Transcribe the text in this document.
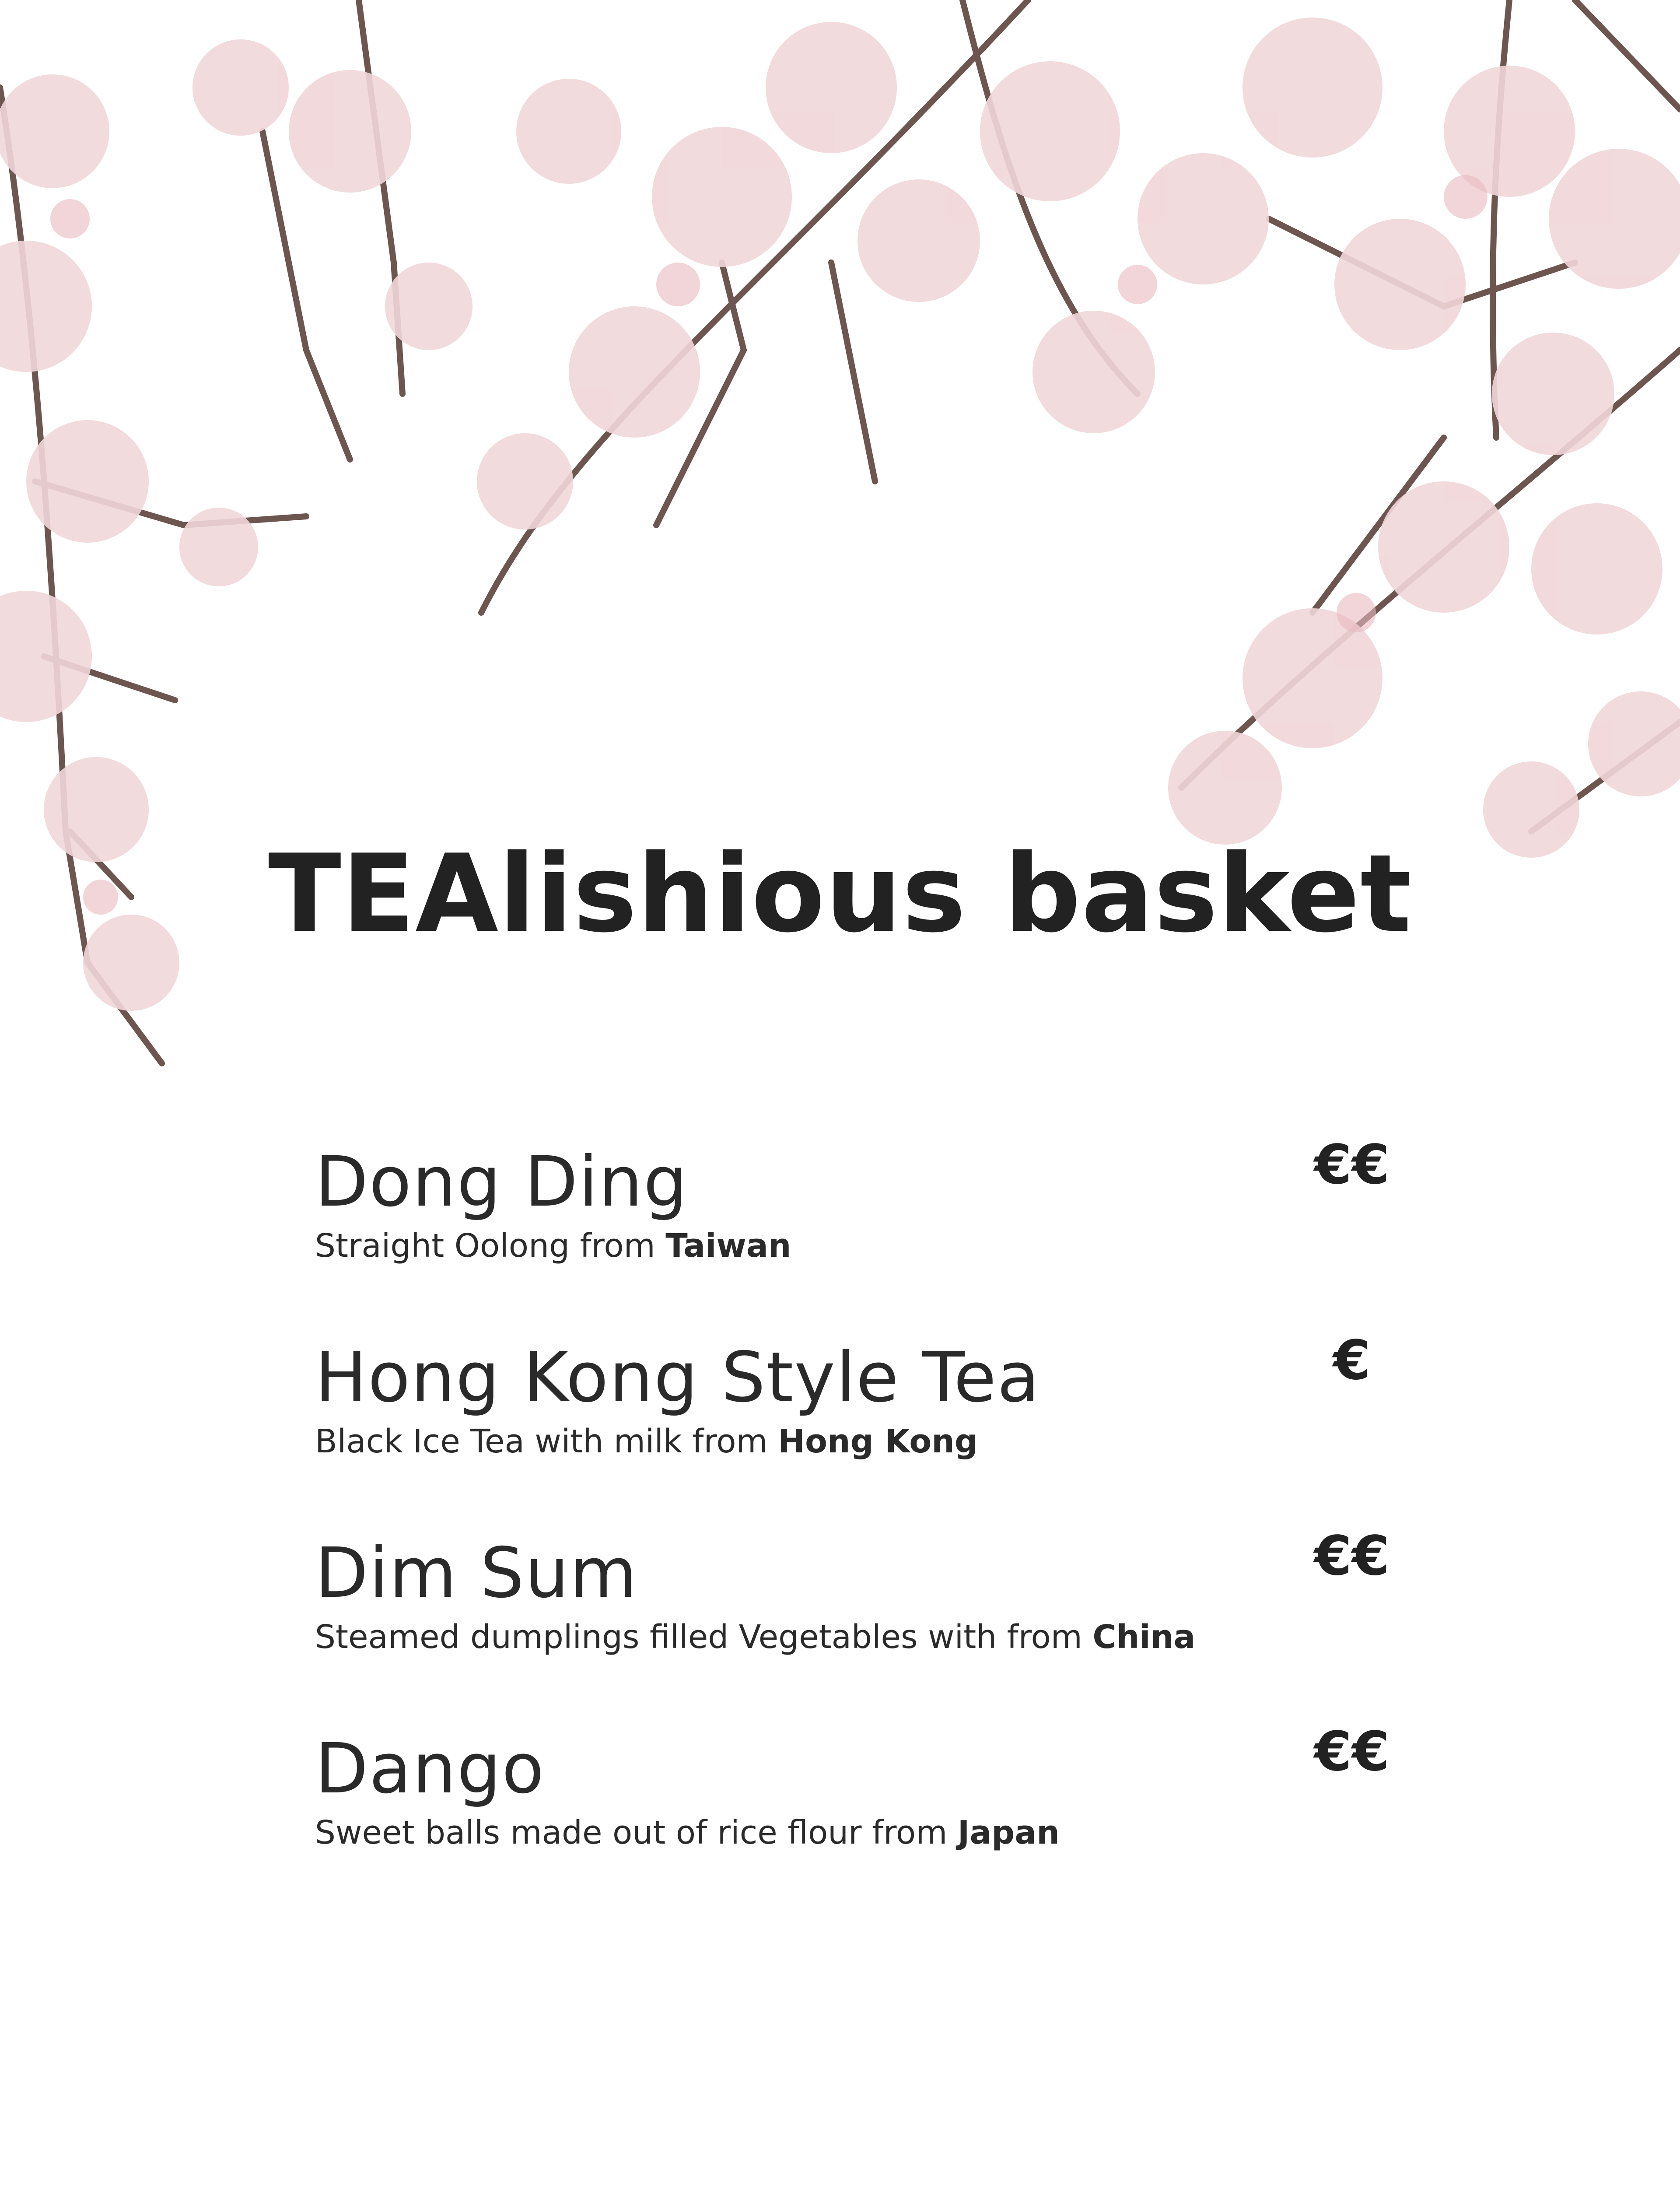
TEAlishious basket
Dong Ding
Straight Oolong from Taiwan
€€
Hong Kong Style Tea
Black Ice Tea with milk from Hong Kong
€
Dim Sum
Steamed dumplings filled Vegetables with from China
€€
Dango
Sweet balls made out of rice flour from Japan
€€
